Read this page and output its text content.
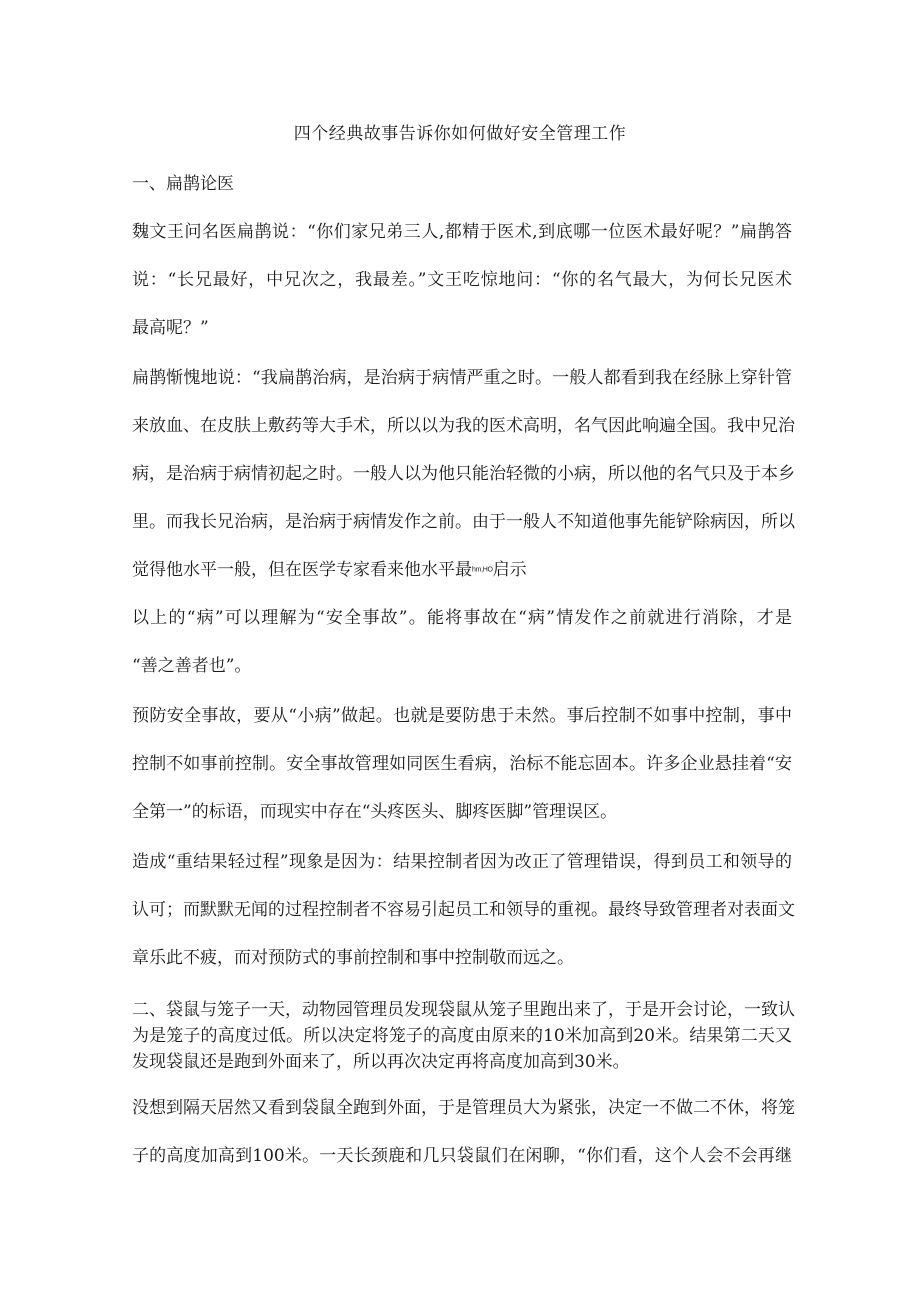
四个经典故事告诉你如何做好安全管理工作
一、扁鹊论医
魏文王问名医扁鹊说：“你们家兄弟三人,都精于医术,到底哪一位医术最好呢？”扁鹊答
说：“长兄最好，中兄次之，我最差。”文王吃惊地问：“你的名气最大，为何长兄医术
最高呢？”
扁鹊惭愧地说：“我扁鹊治病，是治病于病情严重之时。一般人都看到我在经脉上穿针管
来放血、在皮肤上敷药等大手术，所以以为我的医术高明，名气因此响遍全国。我中兄治
病，是治病于病情初起之时。一般人以为他只能治轻微的小病，所以他的名气只及于本乡
里。而我长兄治病，是治病于病情发作之前。由于一般人不知道他事先能铲除病因，所以
觉得他水平一般，但在医学专家看来他水平最hm,HO启示
以上的“病”可以理解为“安全事故”。能将事故在“病”情发作之前就进行消除，才是
“善之善者也”。
预防安全事故，要从“小病”做起。也就是要防患于未然。事后控制不如事中控制，事中
控制不如事前控制。安全事故管理如同医生看病，治标不能忘固本。许多企业悬挂着“安
全第一”的标语，而现实中存在“头疼医头、脚疼医脚”管理误区。
造成“重结果轻过程”现象是因为：结果控制者因为改正了管理错误，得到员工和领导的
认可；而默默无闻的过程控制者不容易引起员工和领导的重视。最终导致管理者对表面文
章乐此不疲，而对预防式的事前控制和事中控制敬而远之。
二、袋鼠与笼子一天，动物园管理员发现袋鼠从笼子里跑出来了，于是开会讨论，一致认
为是笼子的高度过低。所以决定将笼子的高度由原来的10米加高到20米。结果第二天又
发现袋鼠还是跑到外面来了，所以再次决定再将高度加高到30米。
没想到隔天居然又看到袋鼠全跑到外面，于是管理员大为紧张，决定一不做二不休，将笼
子的高度加高到100米。一天长颈鹿和几只袋鼠们在闲聊，“你们看，这个人会不会再继
